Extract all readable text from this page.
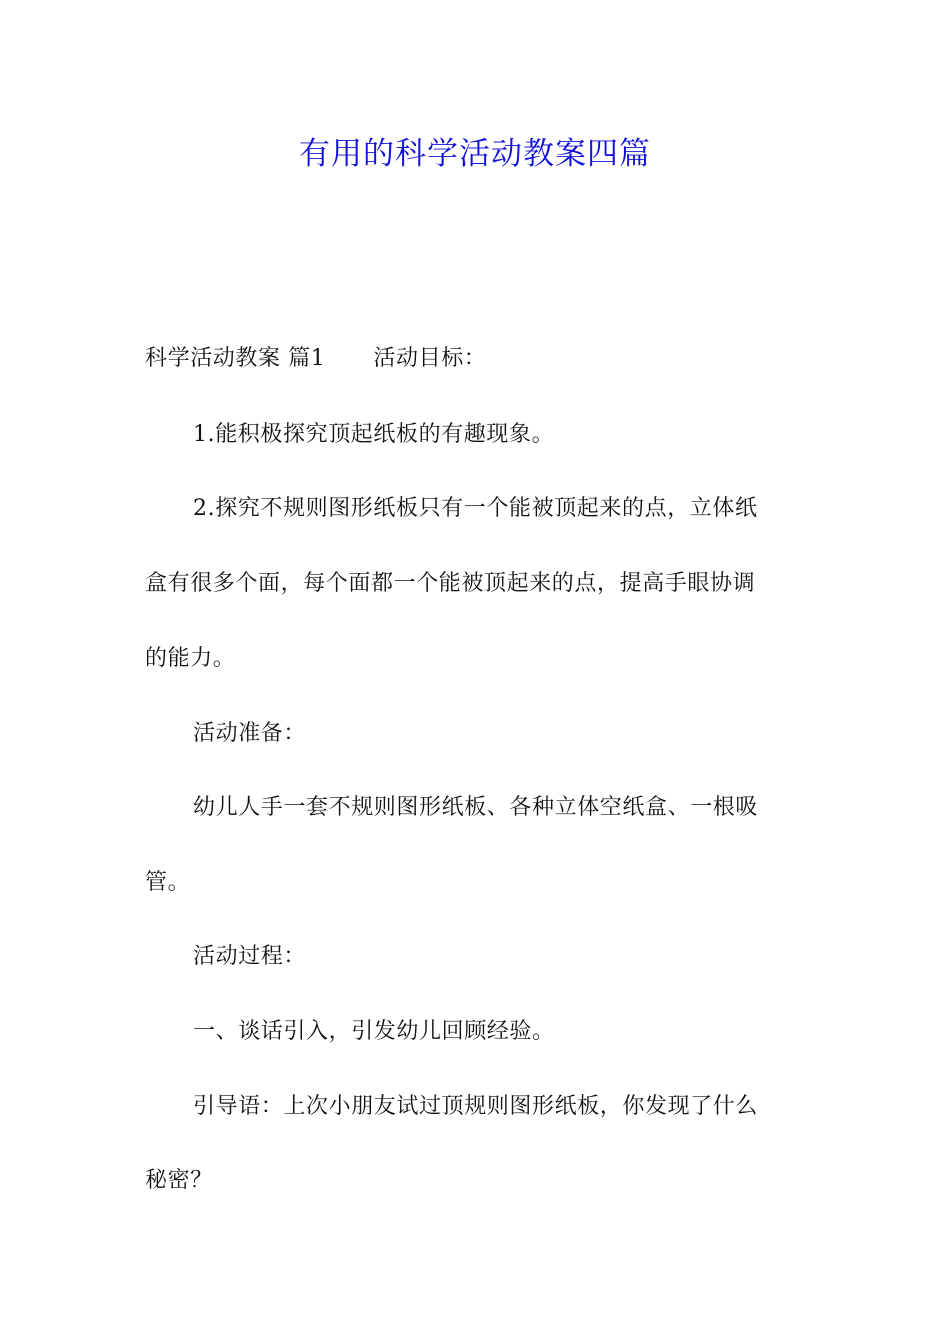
有用的科学活动教案四篇
科学活动教案 篇1 活动目标：
1.能积极探究顶起纸板的有趣现象。
2.探究不规则图形纸板只有一个能被顶起来的点，立体纸
盒有很多个面，每个面都一个能被顶起来的点，提高手眼协调
的能力。
活动准备：
幼儿人手一套不规则图形纸板、各种立体空纸盒、一根吸
管。
活动过程：
一、谈话引入，引发幼儿回顾经验。
引导语：上次小朋友试过顶规则图形纸板，你发现了什么
秘密？
